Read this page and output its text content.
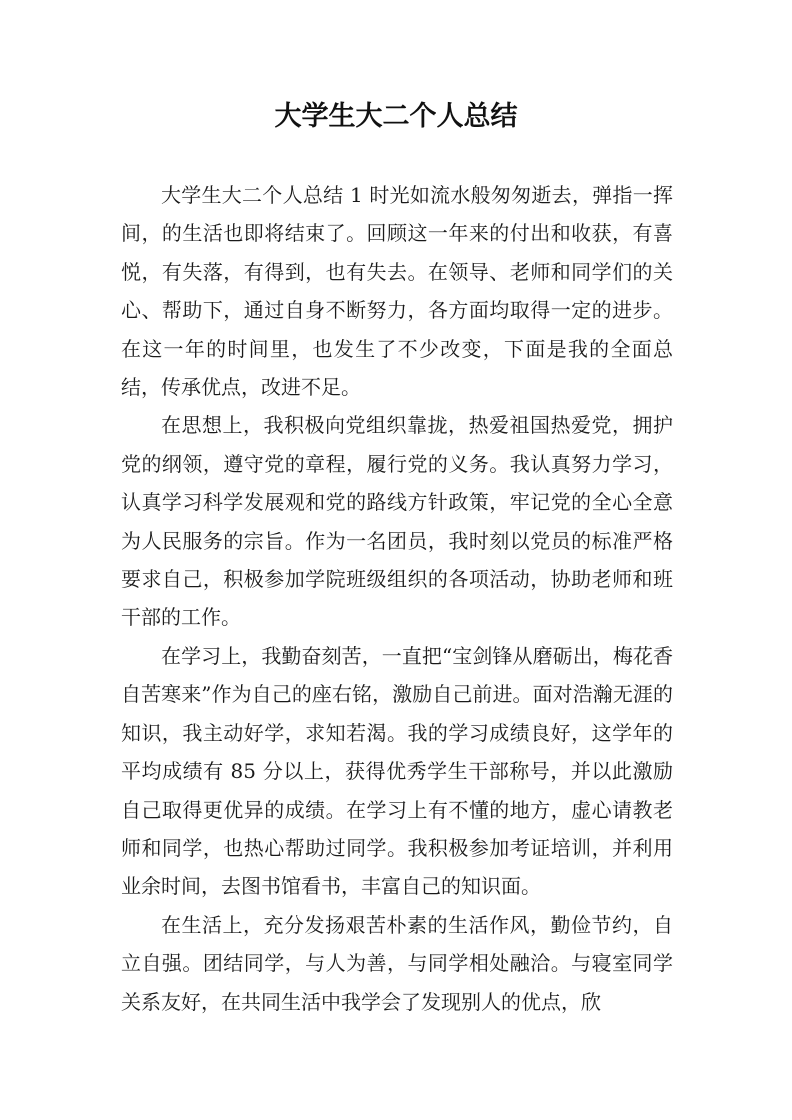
大学生大二个人总结

大学生大二个人总结 1 时光如流水般匆匆逝去，弹指一挥间，的生活也即将结束了。回顾这一年来的付出和收获，有喜悦，有失落，有得到，也有失去。在领导、老师和同学们的关心、帮助下，通过自身不断努力，各方面均取得一定的进步。在这一年的时间里，也发生了不少改变，下面是我的全面总结，传承优点，改进不足。

在思想上，我积极向党组织靠拢，热爱祖国热爱党，拥护党的纲领，遵守党的章程，履行党的义务。我认真努力学习，认真学习科学发展观和党的路线方针政策，牢记党的全心全意为人民服务的宗旨。作为一名团员，我时刻以党员的标准严格要求自己，积极参加学院班级组织的各项活动，协助老师和班干部的工作。

在学习上，我勤奋刻苦，一直把“宝剑锋从磨砺出，梅花香自苦寒来”作为自己的座右铭，激励自己前进。面对浩瀚无涯的知识，我主动好学，求知若渴。我的学习成绩良好，这学年的平均成绩有 85 分以上，获得优秀学生干部称号，并以此激励自己取得更优异的成绩。在学习上有不懂的地方，虚心请教老师和同学，也热心帮助过同学。我积极参加考证培训，并利用业余时间，去图书馆看书，丰富自己的知识面。

在生活上，充分发扬艰苦朴素的生活作风，勤俭节约，自立自强。团结同学，与人为善，与同学相处融洽。与寝室同学关系友好，在共同生活中我学会了发现别人的优点，欣
